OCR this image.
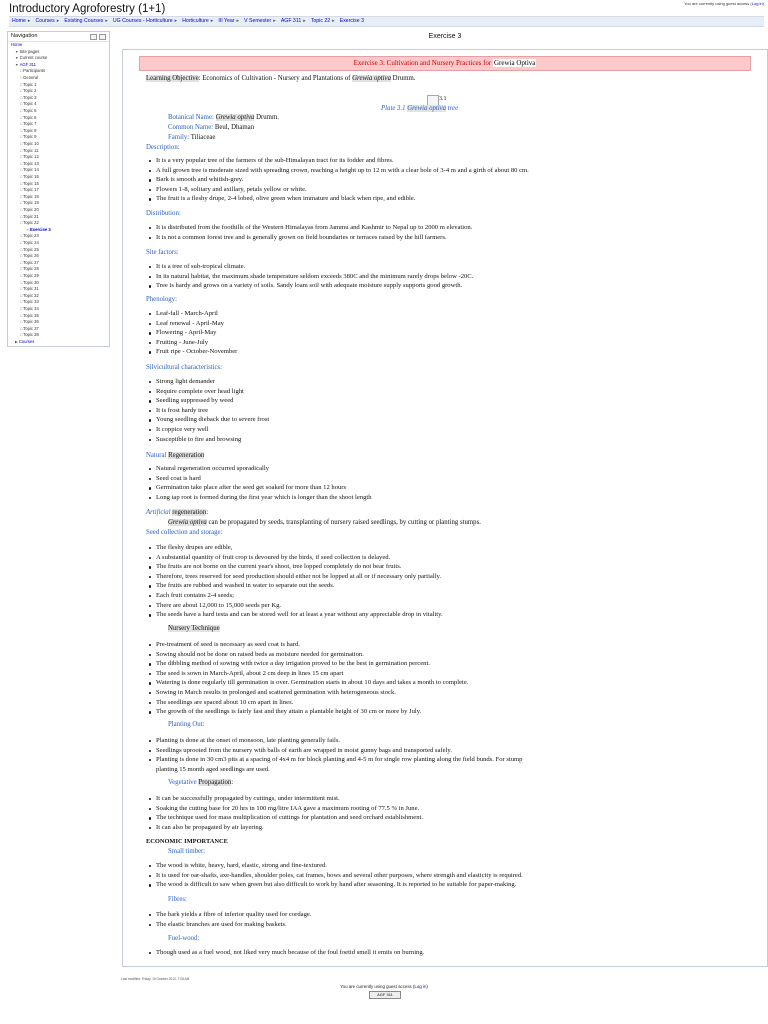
Introductory Agroforestry (1+1)	You are currently using guest access (Log in)
Home ▸ Courses ▸ Existing Courses ▸ UG Courses - Horticulture ▸ Horticulture ▸ III Year ▸ V Semester ▸ AGF 311 ▸ Topic 22 ▸ Exercise 3
Navigation
Home
▼ Site pages
▼ Current course
▼ AGF 311
□ Participants
□ General
□ Topic 1
□ Topic 2
□ Topic 3
□ Topic 4
□ Topic 5
□ Topic 6
□ Topic 7
□ Topic 8
□ Topic 9
□ Topic 10
□ Topic 11
□ Topic 12
□ Topic 13
□ Topic 14
□ Topic 16
□ Topic 15
□ Topic 17
□ Topic 18
□ Topic 19
□ Topic 20
□ Topic 21
□ Topic 22
↗ Exercise 3
□ Topic 23
□ Topic 24
□ Topic 25
□ Topic 26
□ Topic 27
□ Topic 28
□ Topic 29
□ Topic 30
□ Topic 31
□ Topic 32
□ Topic 33
□ Topic 34
□ Topic 35
□ Topic 36
□ Topic 37
□ Topic 38
▶ Courses
Exercise 3
Exercise 3: Cultivation and Nursery Practices for Grewia Optiva
Learning Objective: Economics of Cultivation - Nursery and Plantations of Grewia optiva Drumm.
3.1
Plate 3.1 Grewia optiva tree
Botanical Name: Grewia optiva Drumm.
Common Name: Beul, Dhaman
Family: Tiliaceae
Description:
It is a very popular tree of the farmers of the sub-Himalayan tract for its fodder and fibres.
A full grown tree is moderate sized with spreading crown, reaching a height up to 12 m with a clear bole of 3-4 m and a girth of about 80 cm.
Bark is smooth and whitish-grey.
Flowers 1-8, solitary and axillary, petals yellow or white.
The fruit is a fleshy drupe, 2-4 lobed, olive green when immature and black when ripe, and edible.
Distribution:
It is distributed from the foothills of the Western Himalayas from Jammu and Kashmir to Nepal up to 2000 m elevation.
It is not a common forest tree and is generally grown on field boundaries or terraces raised by the hill farmers.
Site factors:
It is a tree of sub-tropical climate.
In its natural habitat, the maximum shade temperature seldom exceeds 380C and the minimum rarely drops below -20C.
Tree is hardy and grows on a variety of soils. Sandy loam soil with adequate moisture supply supports good growth.
Phenology:
Leaf-fall - March-April
Leaf renewal - April-May
Flowering - April-May
Fruiting - June-July
Fruit ripe - October-November
Silvicultural characteristics:
Strong light demander
Require complete over head light
Seedling suppressed by weed
It is frost hardy tree
Young seedling dieback due to severe frost
It coppice very well
Susceptible to fire and browsing
Natural Regeneration
Natural regeneration occurred sporadically
Seed coat is hard
Germination take place after the seed get soaked for more than 12 hours
Long tap root is formed during the first year which is longer than the shoot length
Artificial regeneration:
Grewia optiva can be propagated by seeds, transplanting of nursery raised seedlings, by cutting or planting stumps.
Seed collection and storage:
The fleshy drupes are edible,
A substantial quantity of fruit crop is devoured by the birds, if seed collection is delayed.
The fruits are not borne on the current year's shoot, tree lopped completely do not bear fruits.
Therefore, trees reserved for seed production should either not be lopped at all or if necessary only partially.
The fruits are rubbed and washed in water to separate out the seeds.
Each fruit contains 2-4 seeds;
There are about 12,000 to 15,000 seeds per Kg.
The seeds have a hard testa and can be stored well for at least a year without any appreciable drop in vitality.
Nursery Technique
Pre-treatment of seed is necessary as seed coat is hard.
Sowing should not be done on raised beds as moisture needed for germination.
The dibbling method of sowing with twice a day irrigation proved to be the best in germination percent.
The seed is sown in March-April, about 2 cm deep in lines 15 cm apart
Watering is done regularly till germination is over. Germination starts in about 10 days and takes a month to complete.
Sowing in March results in prolonged and scattered germination with heterogeneous stock.
The seedlings are spaced about 10 cm apart in lines.
The growth of the seedlings is fairly fast and they attain a plantable height of 30 cm or more by July.
Planting Out:
Planting is done at the onset of monsoon, late planting generally fails.
Seedlings uprooted from the nursery with balls of earth are wrapped in moist gunny bags and transported safely.
Planting is done in 30 cm3 pits at a spacing of 4x4 m for block planting and 4-5 m for single row planting along the field bunds. For stump
planting 15 month aged seedlings are used.
Vegetative Propagation:
It can be successfully propagated by cuttings, under intermittent mist.
Soaking the cutting base for 20 hrs in 100 mg/litre IAA gave a maximum rooting of 77.5 % in June.
The technique used for mass multiplication of cuttings for plantation and seed orchard establishment.
It can also be propagated by air layering.
ECONOMIC IMPORTANCE
Small timber:
The wood is white, heavy, hard, elastic, strong and fine-textured.
It is used for oar-shafts, axe-handles, shoulder poles, cat frames, bows and several other purposes, where strength and elasticity is required.
The wood is difficult to saw when green but also difficult to work by hand after seasoning. It is reported to be suitable for paper-making.
Fibres:
The bark yields a fibre of inferior quality used for cordage.
The elastic branches are used for making baskets.
Fuel-wood:
Though used as a fuel wood, not liked very much because of the foul foetid smell it emits on burning.
Last modified: Friday, 15 October 2010, 7:08 AM
You are currently using guest access (Log in)
AGF 311
